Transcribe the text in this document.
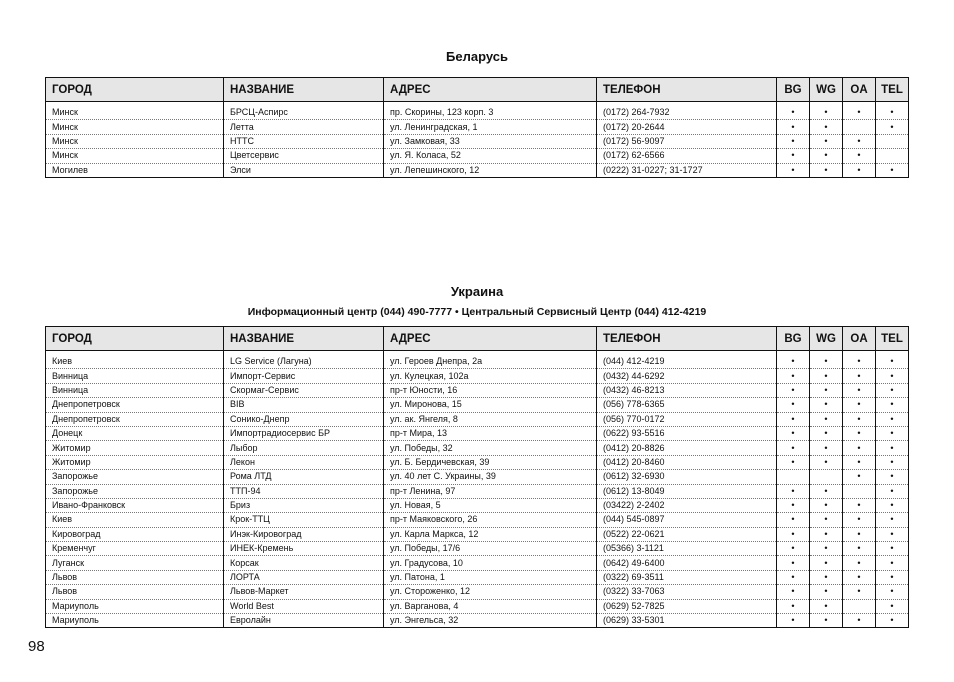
Беларусь
ГОРОД	НАЗВАНИЕ	АДРЕС	ТЕЛЕФОН	BG	WG	OA	TEL

Минск	БРСЦ-Аспирс	пр. Скорины, 123 корп. 3	(0172) 264-7932	•	•	•	•
Минск	Летта	ул. Ленинградская, 1	(0172) 20-2644	•	•		•
Минск	НТТС	ул. Замковая, 33	(0172) 56-9097	•	•	•	
Минск	Цветсервис	ул. Я. Коласа, 52	(0172) 62-6566	•	•	•	
Могилев	Элси	ул. Лепешинского, 12	(0222) 31-0227; 31-1727	•	•	•	•
Украина
Информационный центр (044) 490-7777 • Центральный Сервисный Центр (044) 412-4219
ГОРОД	НАЗВАНИЕ	АДРЕС	ТЕЛЕФОН	BG	WG	OA	TEL

Киев	LG Service (Лагуна)	ул. Героев Днепра, 2а	(044) 412-4219	•	•	•	•
Винница	Импорт-Сервис	ул. Кулецкая, 102а	(0432) 44-6292	•	•	•	•
Винница	Скормаг-Сервис	пр-т Юности, 16	(0432) 46-8213	•	•	•	•
Днепропетровск	BIB	ул. Миронова, 15	(056) 778-6365	•	•	•	•
Днепропетровск	Сонико-Днепр	ул. ак. Янгеля, 8	(056) 770-0172	•	•	•	•
Донецк	Импортрадиосервис БР	пр-т Мира, 13	(0622) 93-5516	•	•	•	•
Житомир	Лыбор	ул. Победы, 32	(0412) 20-8826	•	•	•	•
Житомир	Лекон	ул. Б. Бердичевская, 39	(0412) 20-8460	•	•	•	•
Запорожье	Рома ЛТД	ул. 40 лет С. Украины, 39	(0612) 32-6930			•	•
Запорожье	ТТП-94	пр-т Ленина, 97	(0612) 13-8049	•	•		•
Ивано-Франковск	Бриз	ул. Новая, 5	(03422) 2-2402	•	•	•	•
Киев	Крок-ТТЦ	пр-т Маяковского, 26	(044) 545-0897	•	•	•	•
Кировоград	Инэк-Кировоград	ул. Карла Маркса, 12	(0522) 22-0621	•	•	•	•
Кременчуг	ИНЕК-Кремень	ул. Победы, 17/6	(05366) 3-1121	•	•	•	•
Луганск	Корсак	ул. Градусова, 10	(0642) 49-6400	•	•	•	•
Львов	ЛОРТА	ул. Патона, 1	(0322) 69-3511	•	•	•	•
Львов	Львов-Маркет	ул. Стороженко, 12	(0322) 33-7063	•	•	•	•
Мариуполь	World Best	ул. Варганова, 4	(0629) 52-7825	•	•		•
Мариуполь	Евролайн	ул. Энгельса, 32	(0629) 33-5301	•	•	•	•
98
